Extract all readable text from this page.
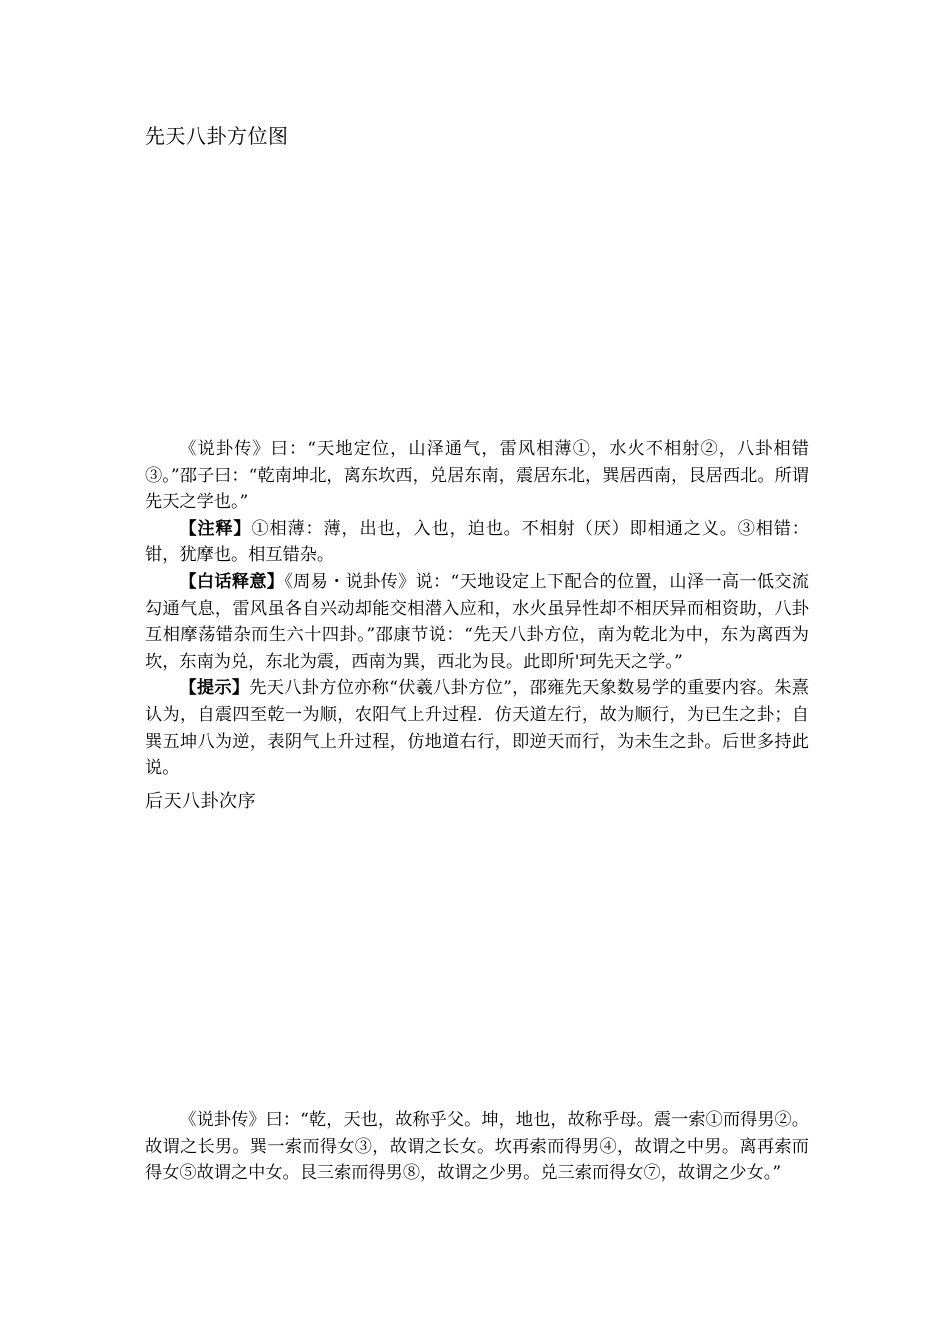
先天八卦方位图

《说卦传》曰：“天地定位，山泽通气，雷风相薄①，水火不相射②，八卦相错③。”邵子曰：“乾南坤北，离东坎西，兑居东南，震居东北，巽居西南，艮居西北。所谓先天之学也。”

【注释】①相薄：薄，出也，入也，迫也。不相射（厌）即相通之义。③相错：钳，犹摩也。相互错杂。

【白话释意】《周易・说卦传》说：“天地设定上下配合的位置，山泽一高一低交流勾通气息，雷风虽各自兴动却能交相潜入应和，水火虽异性却不相厌异而相资助，八卦互相摩荡错杂而生六十四卦。”邵康节说：“先天八卦方位，南为乾北为中，东为离西为坎，东南为兑，东北为震，西南为巽，西北为艮。此即所'珂先天之学。”

【提示】先天八卦方位亦称“伏羲八卦方位”，邵雍先天象数易学的重要内容。朱熹认为，自震四至乾一为顺，农阳气上升过程．仿天道左行，故为顺行，为已生之卦；自巽五坤八为逆，表阴气上升过程，仿地道右行，即逆天而行，为未生之卦。后世多持此说。

后天八卦次序

《说卦传》曰：“乾，天也，故称乎父。坤，地也，故称乎母。震一索①而得男②。故谓之长男。巽一索而得女③，故谓之长女。坎再索而得男④，故谓之中男。离再索而得女⑤故谓之中女。艮三索而得男⑧，故谓之少男。兑三索而得女⑦，故谓之少女。”
